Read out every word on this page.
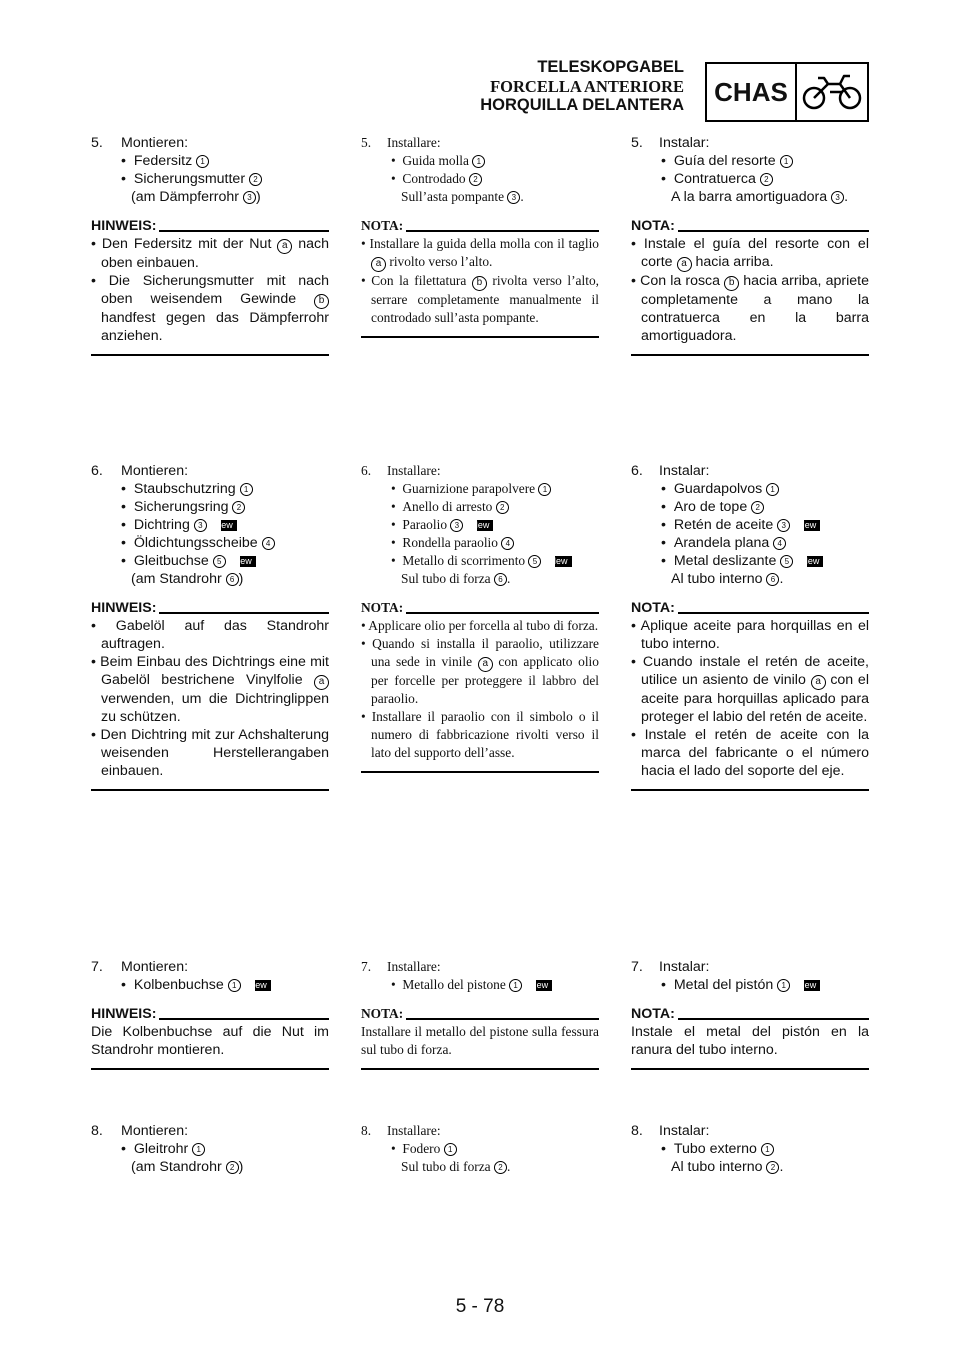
TELESKOPGABEL
FORCELLA ANTERIORE
HORQUILLA DELANTERA CHAS
5. Montieren:
•  Federsitz 1
•  Sicherungsmutter 2
(am Dämpferrohr 3 )
HINWEIS:
• Den Federsitz mit der Nut a nach oben einbauen.
• Die Sicherungsmutter mit nach oben weisendem Gewinde b handfest gegen das Dämpferrohr anziehen.
6. Montieren:
•  Staubschutzring 1
•  Sicherungsring 2
•  Dichtring 3 New
•  Öldichtungsscheibe 4
•  Gleitbuchse 5 New
(am Standrohr 6 )
HINWEIS:
• Gabelöl auf das Standrohr auftragen.
• Beim Einbau des Dichtrings eine mit Gabelöl bestrichene Vinylfolie a verwenden, um die Dichtringlippen zu schützen.
• Den Dichtring mit zur Achshalterung weisenden Herstellerangaben einbauen.
7. Montieren:
•  Kolbenbuchse 1 New
HINWEIS:
Die Kolbenbuchse auf die Nut im Standrohr montieren.
8. Montieren:
•  Gleitrohr 1
(am Standrohr 2 )
5. Installare:
•  Guida molla 1
•  Controdado 2
Sull’asta pompante 3 .
NOTA:
• Installare la guida della molla con il taglio a rivolto verso l’alto.
• Con la filettatura b rivolta verso l’alto, serrare completamente manualmente il controdado sull’asta pompante.
6. Installare:
•  Guarnizione parapolvere 1
•  Anello di arresto 2
•  Paraolio 3 New
•  Rondella paraolio 4
•  Metallo di scorrimento 5 New
Sul tubo di forza 6 .
NOTA:
• Applicare olio per forcella al tubo di forza.
• Quando si installa il paraolio, utilizzare una sede in vinile a con applicato olio per forcelle per proteggere il labbro del paraolio.
• Installare il paraolio con il simbolo o il numero di fabbricazione rivolti verso il lato del supporto dell’asse.
7. Installare:
•  Metallo del pistone 1 New
NOTA:
Installare il metallo del pistone sulla fessura sul tubo di forza.
8. Installare:
•  Fodero 1
Sul tubo di forza 2 .
5. Instalar:
•  Guía del resorte 1
•  Contratuerca 2
A la barra amortiguadora 3 .
NOTA:
• Instale el guía del resorte con el corte a hacia arriba.
• Con la rosca b hacia arriba, apriete completamente a mano la contratuerca en la barra amortiguadora.
6. Instalar:
•  Guardapolvos 1
•  Aro de tope 2
•  Retén de aceite 3 New
•  Arandela plana 4
•  Metal deslizante 5 New
Al tubo interno 6 .
NOTA:
• Aplique aceite para horquillas en el tubo interno.
• Cuando instale el retén de aceite, utilice un asiento de vinilo a con el aceite para horquillas aplicado para proteger el labio del retén de aceite.
• Instale el retén de aceite con la marca del fabricante o el número hacia el lado del soporte del eje.
7. Instalar:
•  Metal del pistón 1 New
NOTA:
Instale el metal del pistón en la ranura del tubo interno.
8. Instalar:
•  Tubo externo 1
Al tubo interno 2 .
5 - 78
